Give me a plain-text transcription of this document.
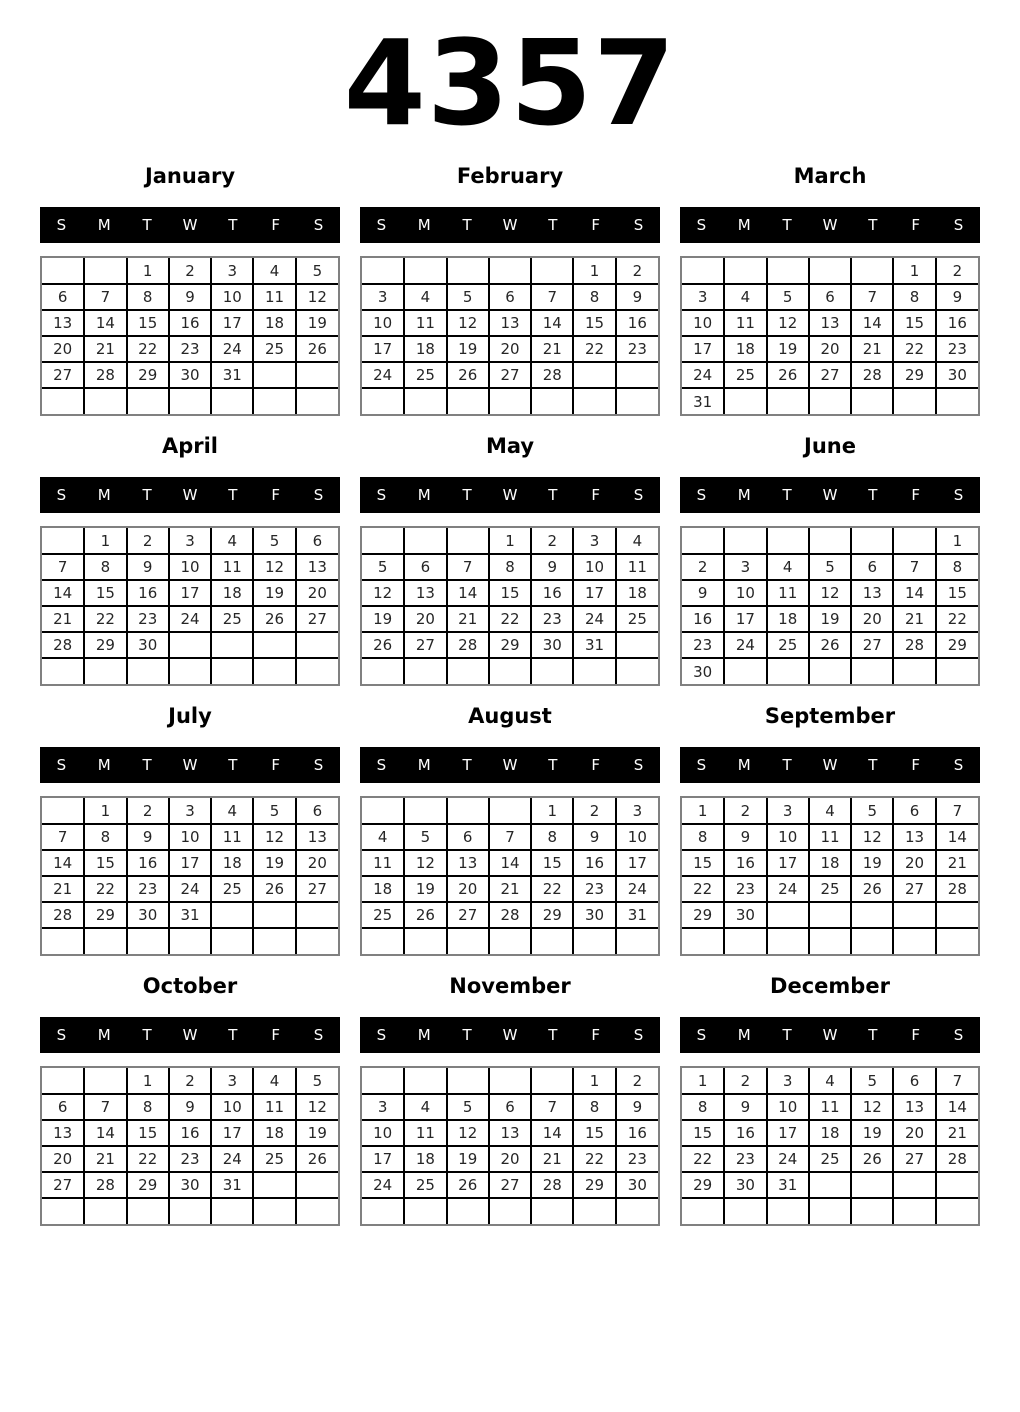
4357
January
S	M	T	W	T	F	S
		1	2	3	4	5
6	7	8	9	10	11	12
13	14	15	16	17	18	19
20	21	22	23	24	25	26
27	28	29	30	31		

February
S	M	T	W	T	F	S
					1	2
3	4	5	6	7	8	9
10	11	12	13	14	15	16
17	18	19	20	21	22	23
24	25	26	27	28		

March
S	M	T	W	T	F	S
					1	2
3	4	5	6	7	8	9
10	11	12	13	14	15	16
17	18	19	20	21	22	23
24	25	26	27	28	29	30
31						
April
S	M	T	W	T	F	S
	1	2	3	4	5	6
7	8	9	10	11	12	13
14	15	16	17	18	19	20
21	22	23	24	25	26	27
28	29	30				

May
S	M	T	W	T	F	S
			1	2	3	4
5	6	7	8	9	10	11
12	13	14	15	16	17	18
19	20	21	22	23	24	25
26	27	28	29	30	31	

June
S	M	T	W	T	F	S
						1
2	3	4	5	6	7	8
9	10	11	12	13	14	15
16	17	18	19	20	21	22
23	24	25	26	27	28	29
30						
July
S	M	T	W	T	F	S
	1	2	3	4	5	6
7	8	9	10	11	12	13
14	15	16	17	18	19	20
21	22	23	24	25	26	27
28	29	30	31			

August
S	M	T	W	T	F	S
				1	2	3
4	5	6	7	8	9	10
11	12	13	14	15	16	17
18	19	20	21	22	23	24
25	26	27	28	29	30	31

September
S	M	T	W	T	F	S
1	2	3	4	5	6	7
8	9	10	11	12	13	14
15	16	17	18	19	20	21
22	23	24	25	26	27	28
29	30					

October
S	M	T	W	T	F	S
		1	2	3	4	5
6	7	8	9	10	11	12
13	14	15	16	17	18	19
20	21	22	23	24	25	26
27	28	29	30	31		

November
S	M	T	W	T	F	S
					1	2
3	4	5	6	7	8	9
10	11	12	13	14	15	16
17	18	19	20	21	22	23
24	25	26	27	28	29	30

December
S	M	T	W	T	F	S
1	2	3	4	5	6	7
8	9	10	11	12	13	14
15	16	17	18	19	20	21
22	23	24	25	26	27	28
29	30	31				
